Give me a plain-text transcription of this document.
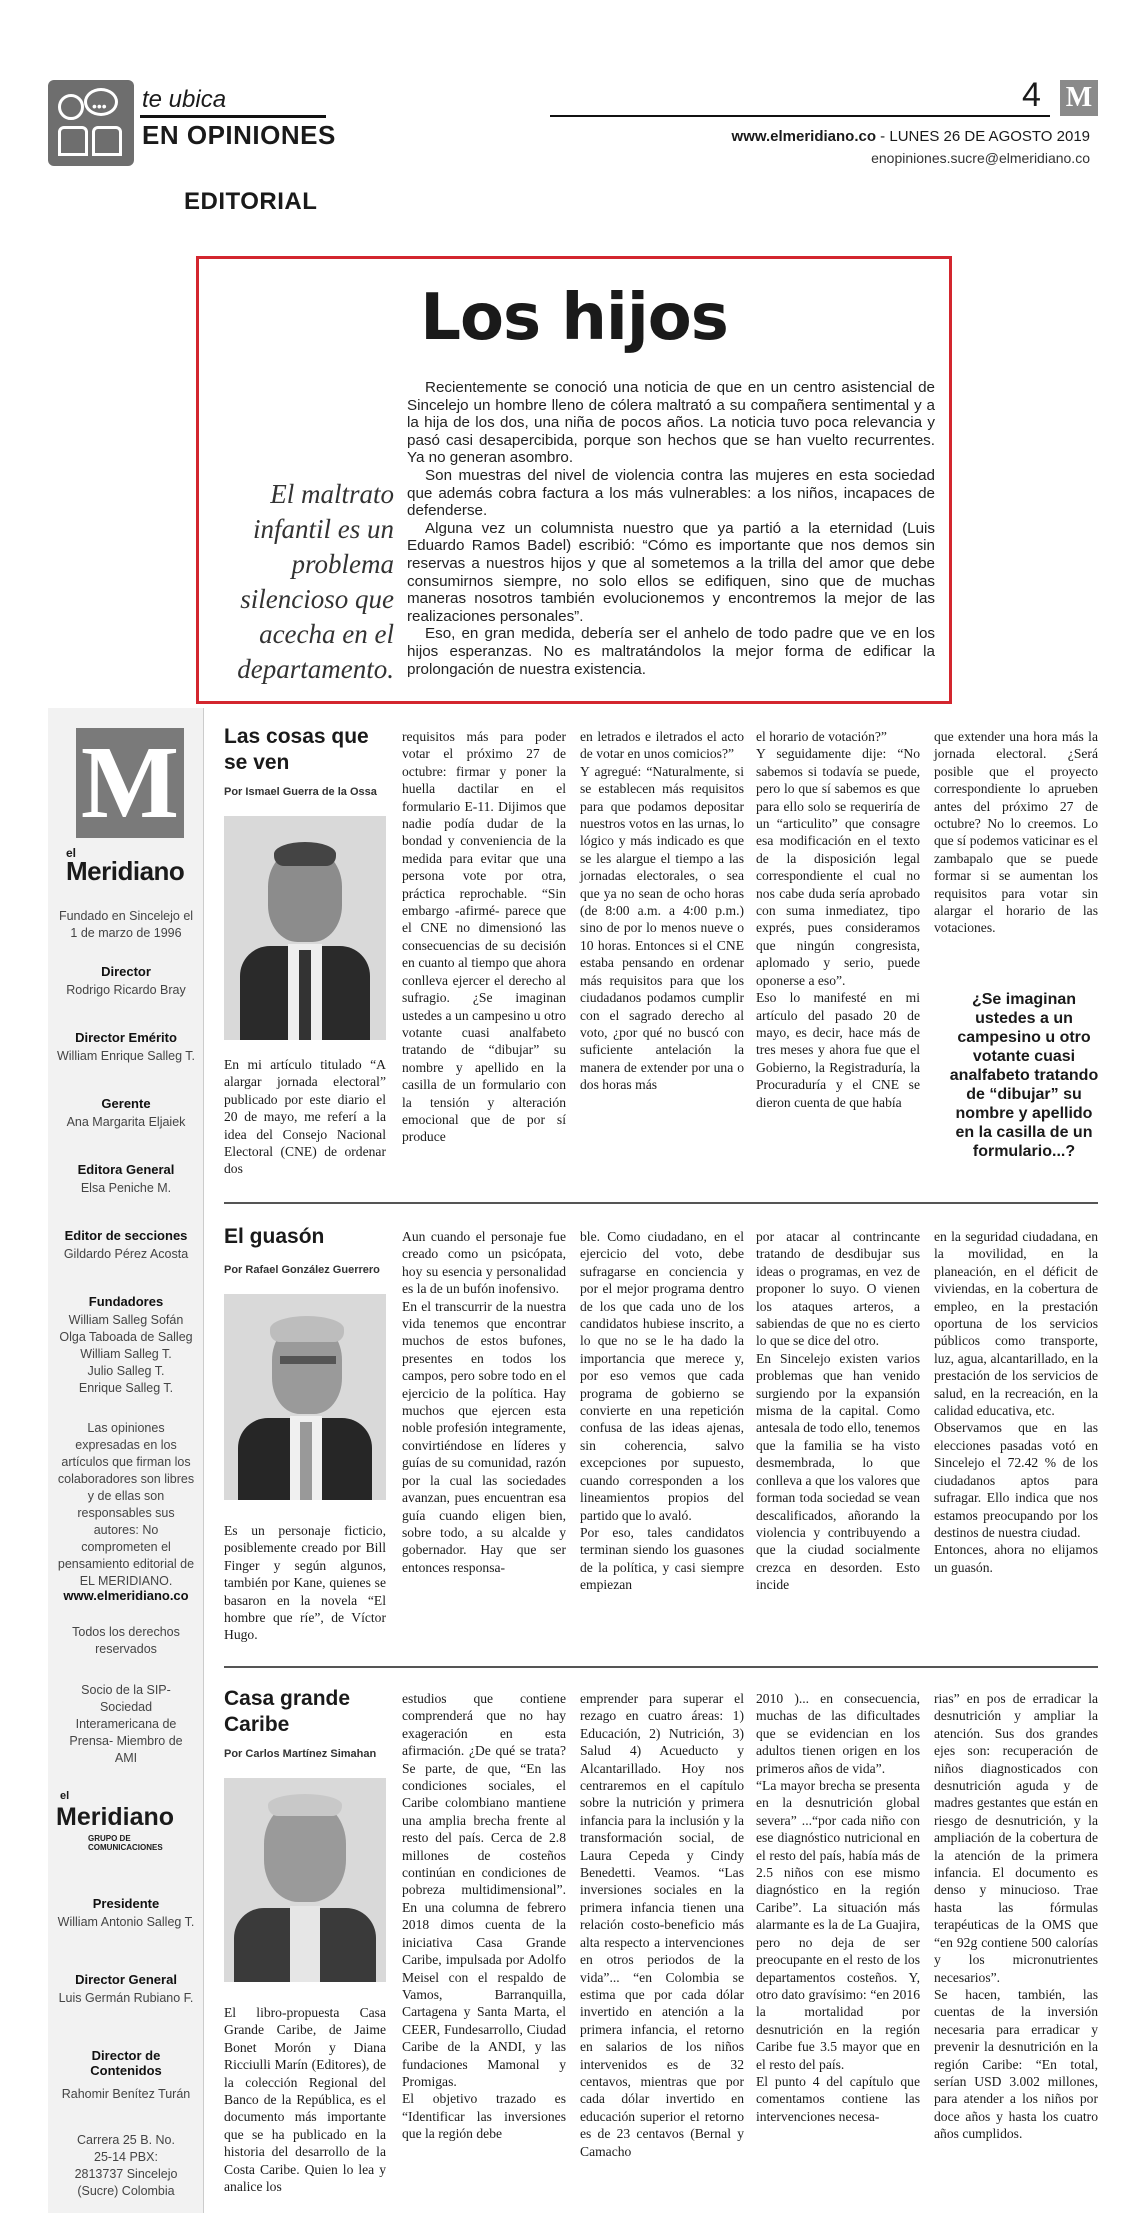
••• te ubica
EN OPINIONES
4 M
www.elmeridiano.co - LUNES 26 DE AGOSTO 2019
enopiniones.sucre@elmeridiano.co
EDITORIAL
Los hijos
El maltrato infantil es un problema silencioso que acecha en el departamento.

Recientemente se conoció una noticia de que en un centro asistencial de Sincelejo un hombre lleno de cólera maltrató a su compañera sentimental y a la hija de los dos, una niña de pocos años. La noticia tuvo poca relevancia y pasó casi desapercibida, porque son hechos que se han vuelto recurrentes. Ya no generan asombro.

Son muestras del nivel de violencia contra las mujeres en esta sociedad que además cobra factura a los más vulnerables: a los niños, incapaces de defenderse.

Alguna vez un columnista nuestro que ya partió a la eternidad (Luis Eduardo Ramos Badel) escribió: “Cómo es importante que nos demos sin reservas a nuestros hijos y que al sometemos a la trilla del amor que debe consumirnos siempre, no solo ellos se edifiquen, sino que de muchas maneras nosotros también evolucionemos y encontremos la mejor de las realizaciones personales”.

Eso, en gran medida, debería ser el anhelo de todo padre que ve en los hijos esperanzas. No es maltratándolos la mejor forma de edificar la prolongación de nuestra existencia.

M
el
Meridiano
Fundado en Sincelejo el 1 de marzo de 1996
Director
Rodrigo Ricardo Bray
Director Emérito
William Enrique Salleg T.
Gerente
Ana Margarita Eljaiek
Editora General
Elsa Peniche M.
Editor de secciones
Gildardo Pérez Acosta
Fundadores
William Salleg Sofán
Olga Taboada de Salleg
William Salleg T.
Julio Salleg T.
Enrique Salleg T.
Las opiniones expresadas en los artículos que firman los colaboradores son libres y de ellas son responsables sus autores: No comprometen el pensamiento editorial de EL MERIDIANO.
www.elmeridiano.co
Todos los derechos reservados
Socio de la SIP- Sociedad Interamericana de Prensa- Miembro de AMI
el
Meridiano
GRUPO DE COMUNICACIONES
Presidente
William Antonio Salleg T.
Director General
Luis Germán Rubiano F.
Director de Contenidos
Rahomir Benítez Turán
Carrera 25 B. No. 25-14 PBX: 2813737 Sincelejo (Sucre) Colombia
Las cosas que se ven
Por Ismael Guerra de la Ossa
En mi artículo titulado “A alargar jornada electoral” publicado por este diario el 20 de mayo, me referí a la idea del Consejo Nacional Electoral (CNE) de ordenar dos
requisitos más para poder votar el próximo 27 de octubre: firmar y poner la huella dactilar en el formulario E-11. Dijimos que nadie podía dudar de la bondad y conveniencia de la medida para evitar que una persona vote por otra, práctica reprochable. “Sin embargo -afirmé- parece que el CNE no dimensionó las consecuencias de su decisión en cuanto al tiempo que ahora conlleva ejercer el derecho al sufragio. ¿Se imaginan ustedes a un campesino u otro votante cuasi analfabeto tratando de “dibujar” su nombre y apellido en la casilla de un formulario con la tensión y alteración emocional que de por sí produce
en letrados e iletrados el acto de votar en unos comicios?”
Y agregué: “Naturalmente, si se establecen más requisitos para que podamos depositar nuestros votos en las urnas, lo lógico y más indicado es que se les alargue el tiempo a las jornadas electorales, o sea que ya no sean de ocho horas (de 8:00 a.m. a 4:00 p.m.) sino de por lo menos nueve o 10 horas. Entonces si el CNE estaba pensando en ordenar más requisitos para que los ciudadanos podamos cumplir con el sagrado derecho al voto, ¿por qué no buscó con suficiente antelación la manera de extender por una o dos horas más
el horario de votación?”
Y seguidamente dije: “No sabemos si todavía se puede, pero lo que sí sabemos es que para ello solo se requeriría de un “articulito” que consagre esa modificación en el texto de la disposición legal correspondiente el cual no nos cabe duda sería aprobado con suma inmediatez, tipo exprés, pues consideramos que ningún congresista, aplomado y serio, puede oponerse a eso”.
Eso lo manifesté en mi artículo del pasado 20 de mayo, es decir, hace más de tres meses y ahora fue que el Gobierno, la Registraduría, la Procuraduría y el CNE se dieron cuenta de que había
que extender una hora más la jornada electoral. ¿Será posible que el proyecto correspondiente lo aprueben antes del próximo 27 de octubre? No lo creemos. Lo que sí podemos vaticinar es el zambapalo que se puede formar si se aumentan los requisitos para votar sin alargar el horario de las votaciones.
¿Se imaginan ustedes a un campesino u otro votante cuasi analfabeto tratando de “dibujar” su nombre y apellido en la casilla de un formulario...?
El guasón
Por Rafael González Guerrero
Es un personaje ficticio, posiblemente creado por Bill Finger y según algunos, también por Kane, quienes se basaron en la novela “El hombre que ríe”, de Víctor Hugo.
Aun cuando el personaje fue creado como un psicópata, hoy su esencia y personalidad es la de un bufón inofensivo.
En el transcurrir de la nuestra vida tenemos que encontrar muchos de estos bufones, presentes en todos los campos, pero sobre todo en el ejercicio de la política. Hay muchos que ejercen esta noble profesión integramente, convirtiéndose en líderes y guías de su comunidad, razón por la cual las sociedades avanzan, pues encuentran esa guía cuando eligen bien, sobre todo, a su alcalde y gobernador. Hay que ser entonces responsa-
ble. Como ciudadano, en el ejercicio del voto, debe sufragarse en conciencia y por el mejor programa dentro de los que cada uno de los candidatos hubiese inscrito, a lo que no se le ha dado la importancia que merece y, por eso vemos que cada programa de gobierno se convierte en una repetición confusa de las ideas ajenas, sin coherencia, salvo excepciones por supuesto, cuando corresponden a los lineamientos propios del partido que lo avaló.
Por eso, tales candidatos terminan siendo los guasones de la política, y casi siempre empiezan
por atacar al contrincante tratando de desdibujar sus ideas o programas, en vez de proponer lo suyo. O vienen los ataques arteros, a sabiendas de que no es cierto lo que se dice del otro.
En Sincelejo existen varios problemas que han venido surgiendo por la expansión misma de la capital. Como antesala de todo ello, tenemos que la familia se ha visto desmembrada, lo que conlleva a que los valores que forman toda sociedad se vean descalificados, añorando la violencia y contribuyendo a que la ciudad socialmente crezca en desorden. Esto incide
en la seguridad ciudadana, en la movilidad, en la planeación, en el déficit de viviendas, en la cobertura de empleo, en la prestación oportuna de los servicios públicos como transporte, luz, agua, alcantarillado, en la prestación de los servicios de salud, en la recreación, en la calidad educativa, etc.
Observamos que en las elecciones pasadas votó en Sincelejo el 72.42 % de los ciudadanos aptos para sufragar. Ello indica que nos estamos preocupando por los destinos de nuestra ciudad.
Entonces, ahora no elijamos un guasón.
Casa grande Caribe
Por Carlos Martínez Simahan
El libro-propuesta Casa Grande Caribe, de Jaime Bonet Morón y Diana Ricciulli Marín (Editores), de la colección Regional del Banco de la República, es el documento más importante que se ha publicado en la historia del desarrollo de la Costa Caribe. Quien lo lea y analice los
estudios que contiene comprenderá que no hay exageración en esta afirmación. ¿De qué se trata? Se parte, de que, “En las condiciones sociales, el Caribe colombiano mantiene una amplia brecha frente al resto del país. Cerca de 2.8 millones de costeños continúan en condiciones de pobreza multidimensional”. En una columna de febrero 2018 dimos cuenta de la iniciativa Casa Grande Caribe, impulsada por Adolfo Meisel con el respaldo de Vamos, Barranquilla, Cartagena y Santa Marta, el CEER, Fundesarrollo, Ciudad Caribe de la ANDI, y las fundaciones Mamonal y Promigas.
El objetivo trazado es “Identificar las inversiones que la región debe
emprender para superar el rezago en cuatro áreas: 1) Educación, 2) Nutrición, 3) Salud 4) Acueducto y Alcantarillado. Hoy nos centraremos en el capítulo sobre la nutrición y primera infancia para la inclusión y la transformación social, de Laura Cepeda y Cindy Benedetti. Veamos. “Las inversiones sociales en la primera infancia tienen una relación costo-beneficio más alta respecto a intervenciones en otros periodos de la vida”... “en Colombia se estima que por cada dólar invertido en atención a la primera infancia, el retorno en salarios de los niños intervenidos es de 32 centavos, mientras que por cada dólar invertido en educación superior el retorno es de 23 centavos (Bernal y Camacho
2010 )... en consecuencia, muchas de las dificultades que se evidencian en los adultos tienen origen en los primeros años de vida”.
“La mayor brecha se presenta en la desnutrición global severa” ...“por cada niño con ese diagnóstico nutricional en el resto del país, había más de 2.5 niños con ese mismo diagnóstico en la región Caribe”. La situación más alarmante es la de La Guajira, pero no deja de ser preocupante en el resto de los departamentos costeños. Y, otro dato gravísimo: “en 2016 la mortalidad por desnutrición en la región Caribe fue 3.5 mayor que en el resto del país.
El punto 4 del capítulo que comentamos contiene las intervenciones necesa-
rias” en pos de erradicar la desnutrición y ampliar la atención. Sus dos grandes ejes son: recuperación de niños diagnosticados con desnutrición aguda y de madres gestantes que están en riesgo de desnutrición, y la ampliación de la cobertura de la atención de la primera infancia. El documento es denso y minucioso. Trae hasta las fórmulas terapéuticas de la OMS que “en 92g contiene 500 calorías y los micronutrientes necesarios”.
Se hacen, también, las cuentas de la inversión necesaria para erradicar y prevenir la desnutrición en la región Caribe: “En total, serían USD 3.002 millones, para atender a los niños por doce años y hasta los cuatro años cumplidos.
